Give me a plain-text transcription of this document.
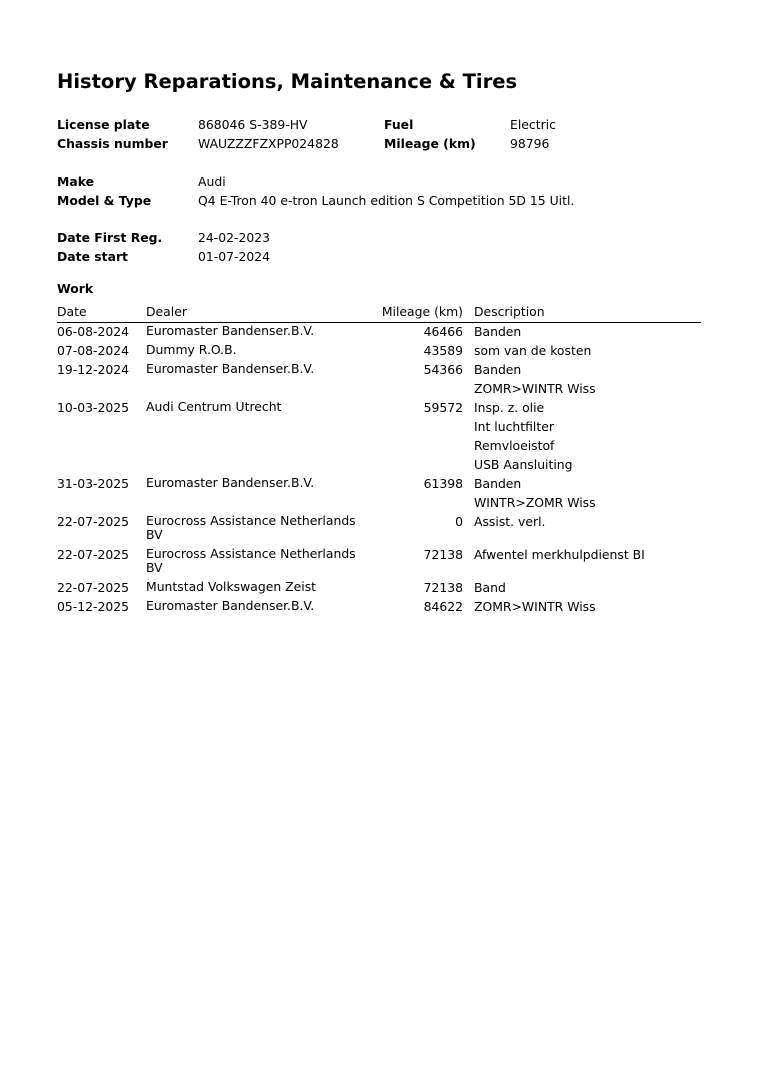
History Reparations, Maintenance & Tires
License plate	868046 S-389-HV	Fuel	Electric
Chassis number WAUZZZFZXPP024828	Mileage (km)	98796
Make	Audi
Model & Type	Q4 E-Tron 40 e-tron Launch edition S Competition 5D 15 Uitl.
Date First Reg.	24-02-2023
Date start	01-07-2024
Work
Date	Dealer	Mileage (km) Description
06-08-2024 Euromaster Bandenser.B.V.	46466 Banden
07-08-2024 Dummy R.O.B.	43589 som van de kosten
19-12-2024 Euromaster Bandenser.B.V.	54366 Banden
ZOMR>WINTR Wiss
10-03-2025 Audi Centrum Utrecht	59572 Insp. z. olie
Int luchtfilter
Remvloeistof
USB Aansluiting
31-03-2025 Euromaster Bandenser.B.V.	61398 Banden
WINTR>ZOMR Wiss
22-07-2025 Eurocross Assistance Netherlands BV
0 Assist. verl.
22-07-2025 Eurocross Assistance Netherlands BV
72138 Afwentel merkhulpdienst BI
22-07-2025 Muntstad Volkswagen Zeist	72138 Band
05-12-2025 Euromaster Bandenser.B.V.	84622 ZOMR>WINTR Wiss
